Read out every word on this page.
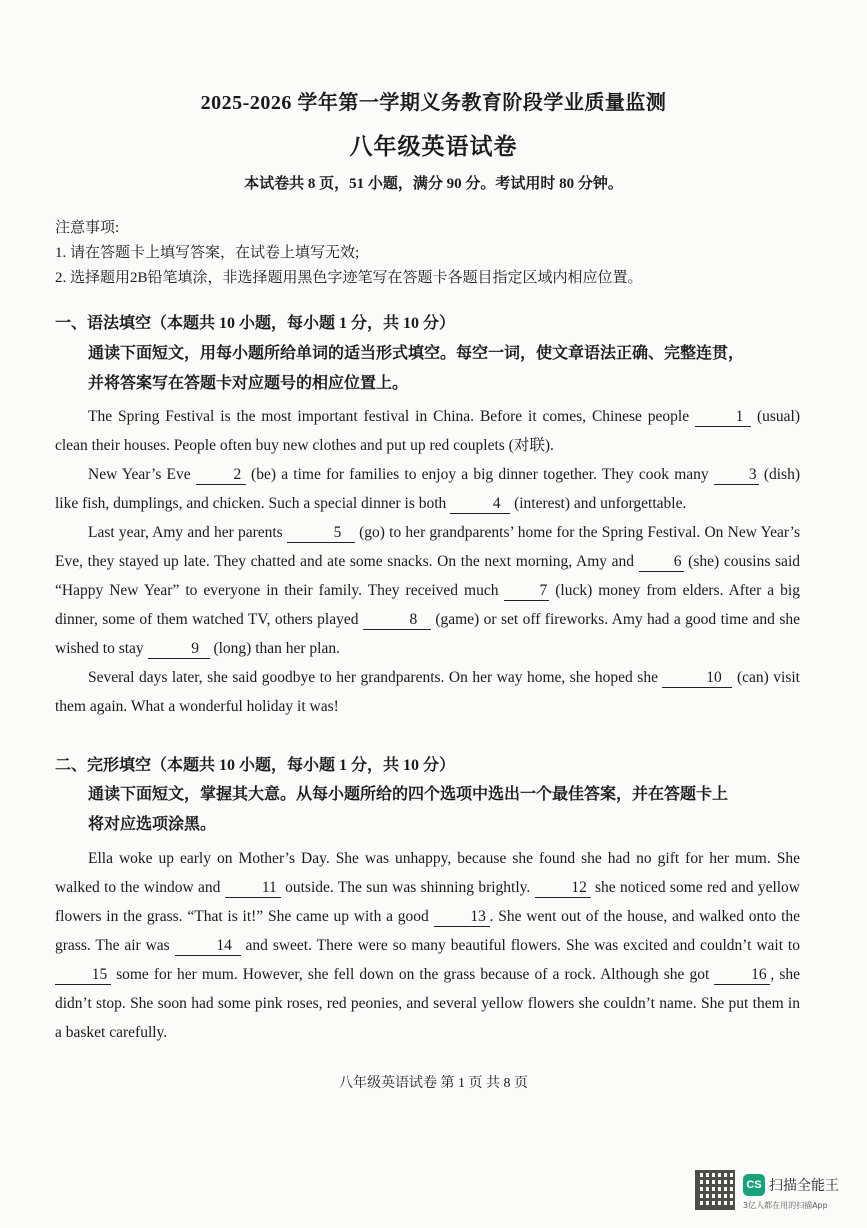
2025-2026 学年第一学期义务教育阶段学业质量监测
八年级英语试卷
本试卷共 8 页，51 小题，满分 90 分。考试用时 80 分钟。
注意事项:
1. 请在答题卡上填写答案，在试卷上填写无效;
2. 选择题用2B铅笔填涂，非选择题用黑色字迹笔写在答题卡各题目指定区域内相应位置。
一、语法填空（本题共 10 小题，每小题 1 分，共 10 分）
通读下面短文，用每小题所给单词的适当形式填空。每空一词，使文章语法正确、完整连贯，
并将答案写在答题卡对应题号的相应位置上。

The Spring Festival is the most important festival in China. Before it comes, Chinese people	1 (usual) clean their houses. People often buy new clothes and put up red couplets (对联).

New Year’s Eve 2 (be) a time for families to enjoy a big dinner together. They cook many 3 (dish) like fish, dumplings, and chicken. Such a special dinner is both	4 (interest) and unforgettable.

Last year, Amy and her parents	5 (go) to her grandparents’ home for the Spring Festival. On New Year’s Eve, they stayed up late. They chatted and ate some snacks. On the next morning, Amy and 6 (she) cousins said “Happy New Year” to everyone in their family. They received much 7 (luck) money from elders. After a big dinner, some of them watched TV, others played	8 (game) or set off fireworks. Amy had a good time and she wished to stay	9 (long) than her plan.

Several days later, she said goodbye to her grandparents. On her way home, she hoped she	10 (can) visit them again. What a wonderful holiday it was!

二、完形填空（本题共 10 小题，每小题 1 分，共 10 分）
通读下面短文，掌握其大意。从每小题所给的四个选项中选出一个最佳答案，并在答题卡上
将对应选项涂黑。

Ella woke up early on Mother’s Day. She was unhappy, because she found she had no gift for her mum. She walked to the window and 11 outside. The sun was shinning brightly. 12 she noticed some red and yellow flowers in the grass. “That is it!” She came up with a good 13 . She went out of the house, and walked onto the grass. The air was	14 and sweet. There were so many beautiful flowers. She was excited and couldn’t wait to 15 some for her mum. However, she fell down on the grass because of a rock. Although she got 16 , she didn’t stop. She soon had some pink roses, red peonies, and several yellow flowers she couldn’t name. She put them in a basket carefully.

八年级英语试卷 第 1 页 共 8 页
CS 扫描全能王
3亿人都在用的扫描App
